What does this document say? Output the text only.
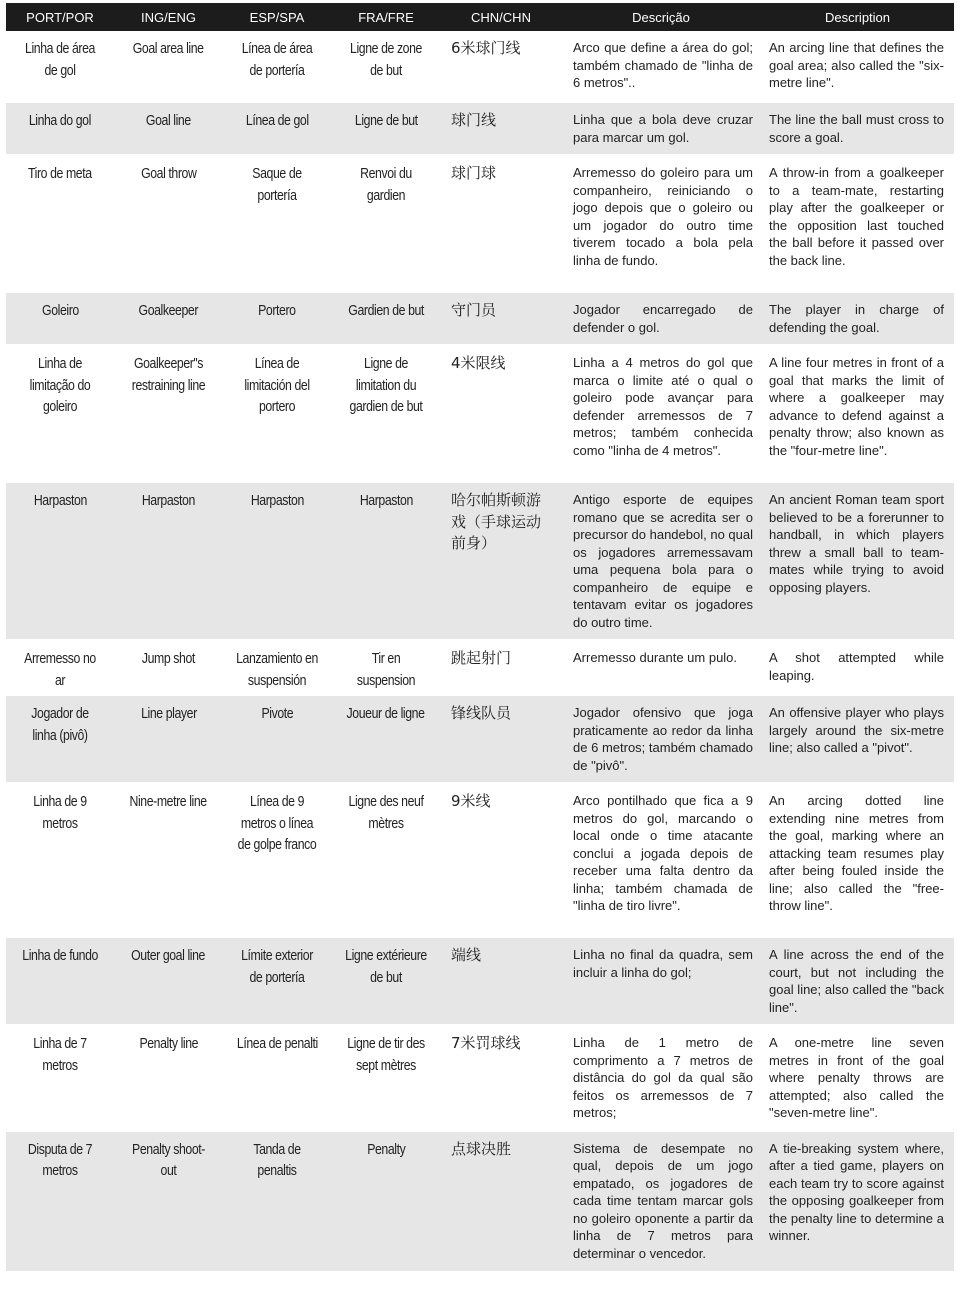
PORT/POR	ING/ENG	ESP/SPA	FRA/FRE	CHN/CHN	Descrição	Description
Linha de área de gol	Goal area line	Línea de área de portería	Ligne de zone de but	6米球门线	Arco que define a área do gol; também chamado de "linha de 6 metros"..	An arcing line that defines the goal area; also called the "six-metre line".
Linha do gol	Goal line	Línea de gol	Ligne de but	球门线	Linha que a bola deve cruzar para marcar um gol.	The line the ball must cross to score a goal.
Tiro de meta	Goal throw	Saque de portería	Renvoi du gardien	球门球	Arremesso do goleiro para um companheiro, reiniciando o jogo depois que o goleiro ou um jogador do outro time tiverem tocado a bola pela linha de fundo.	A throw-in from a goalkeeper to a team-mate, restarting play after the goalkeeper or the opposition last touched the ball before it passed over the back line.
Goleiro	Goalkeeper	Portero	Gardien de but	守门员	Jogador encarregado de defender o gol.	The player in charge of defending the goal.
Linha de limitação do goleiro	Goalkeeper''s restraining line	Línea de limitación del portero	Ligne de limitation du gardien de but	4米限线	Linha a 4 metros do gol que marca o limite até o qual o goleiro pode avançar para defender arremessos de 7 metros; também conhecida como "linha de 4 metros".	A line four metres in front of a goal that marks the limit of where a goalkeeper may advance to defend against a penalty throw; also known as the "four-metre line".
Harpaston	Harpaston	Harpaston	Harpaston	哈尔帕斯顿游戏（手球运动前身）	Antigo esporte de equipes romano que se acredita ser o precursor do handebol, no qual os jogadores arremessavam uma pequena bola para o companheiro de equipe e tentavam evitar os jogadores do outro time.	An ancient Roman team sport believed to be a forerunner to handball, in which players threw a small ball to team-mates while trying to avoid opposing players.
Arremesso no ar	Jump shot	Lanzamiento en suspensión	Tir en suspension	跳起射门	Arremesso durante um pulo.	A shot attempted while leaping.
Jogador de linha (pivô)	Line player	Pivote	Joueur de ligne	锋线队员	Jogador ofensivo que joga praticamente ao redor da linha de 6 metros; também chamado de "pivô".	An offensive player who plays largely around the six-metre line; also called a "pivot".
Linha de 9 metros	Nine-metre line	Línea de 9 metros o línea de golpe franco	Ligne des neuf mètres	9米线	Arco pontilhado que fica a 9 metros do gol, marcando o local onde o time atacante conclui a jogada depois de receber uma falta dentro da linha; também chamada de "linha de tiro livre".	An arcing dotted line extending nine metres from the goal, marking where an attacking team resumes play after being fouled inside the line; also called the "free-throw line".
Linha de fundo	Outer goal line	Límite exterior de portería	Ligne extérieure de but	端线	Linha no final da quadra, sem incluir a linha do gol;	A line across the end of the court, but not including the goal line; also called the "back line".
Linha de 7 metros	Penalty line	Línea de penalti	Ligne de tir des sept mètres	7米罚球线	Linha de 1 metro de comprimento a 7 metros de distância do gol da qual são feitos os arremessos de 7 metros;	A one-metre line seven metres in front of the goal where penalty throws are attempted; also called the "seven-metre line".
Disputa de 7 metros	Penalty shoot-out	Tanda de penaltis	Penalty	点球决胜	Sistema de desempate no qual, depois de um jogo empatado, os jogadores de cada time tentam marcar gols no goleiro oponente a partir da linha de 7 metros para determinar o vencedor.	A tie-breaking system where, after a tied game, players on each team try to score against the opposing goalkeeper from the penalty line to determine a winner.
